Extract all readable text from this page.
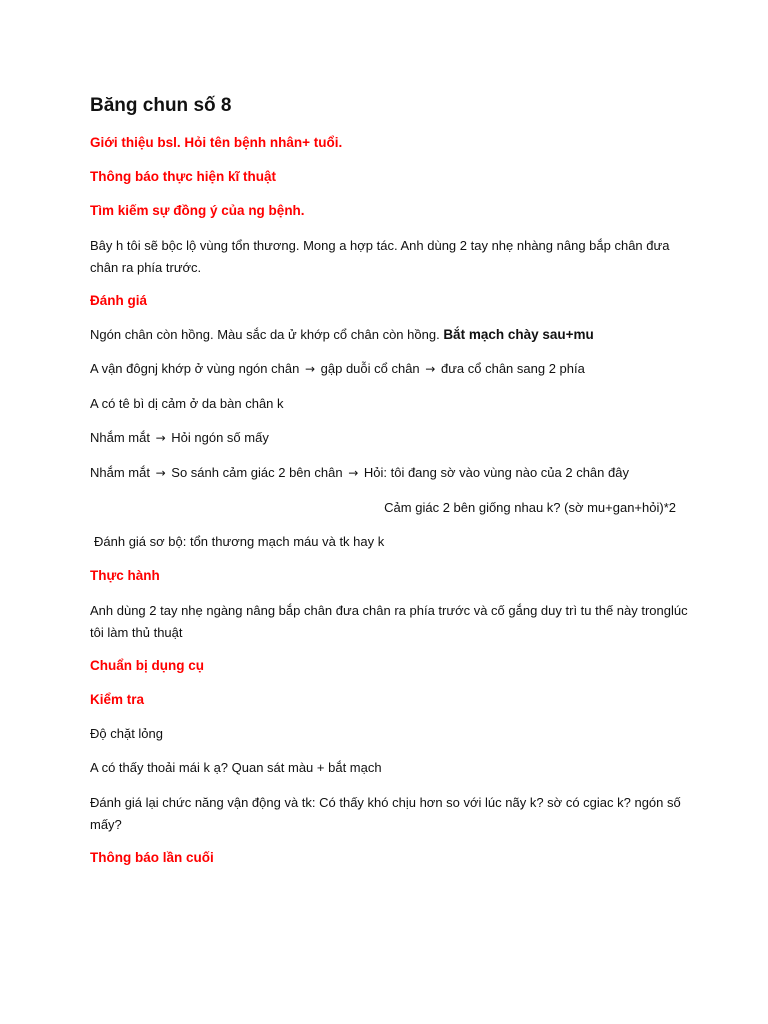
Băng chun số 8
Giới thiệu bsl. Hỏi tên bệnh nhân+ tuổi.
Thông báo thực hiện kĩ thuật
Tìm kiếm sự đồng ý của ng bệnh.
Bây h tôi sẽ bộc lộ vùng tổn thương. Mong a hợp tác. Anh dùng 2 tay nhẹ nhàng nâng bắp chân đưa chân ra phía trước.
Đánh giá
Ngón chân còn hồng. Màu sắc da ử khớp cổ chân còn hồng. Bắt mạch chày sau+mu
A vận đôgnj khớp ở vùng ngón chân → gập duỗi cổ chân → đưa cổ chân sang 2 phía
A có tê bì dị cảm ở da bàn chân k
Nhắm mắt → Hỏi ngón số mấy
Nhắm mắt → So sánh cảm giác 2 bên chân → Hỏi: tôi đang sờ vào vùng nào của 2 chân đây
Cảm giác 2 bên giống nhau k? (sờ mu+gan+hỏi)*2
Đánh giá sơ bộ: tổn thương mạch máu và tk hay k
Thực hành
Anh dùng 2 tay nhẹ ngàng nâng bắp chân đưa chân ra phía trước và cố gắng duy trì tu thế này tronglúc tôi làm thủ thuật
Chuẩn bị dụng cụ
Kiểm tra
Độ chặt lỏng
A có thấy thoải mái k ạ? Quan sát màu + bắt mạch
Đánh giá lại chức năng vận động và tk: Có thấy khó chịu hơn so với lúc nãy k? sờ có cgiac k? ngón số mấy?
Thông báo lần cuối
